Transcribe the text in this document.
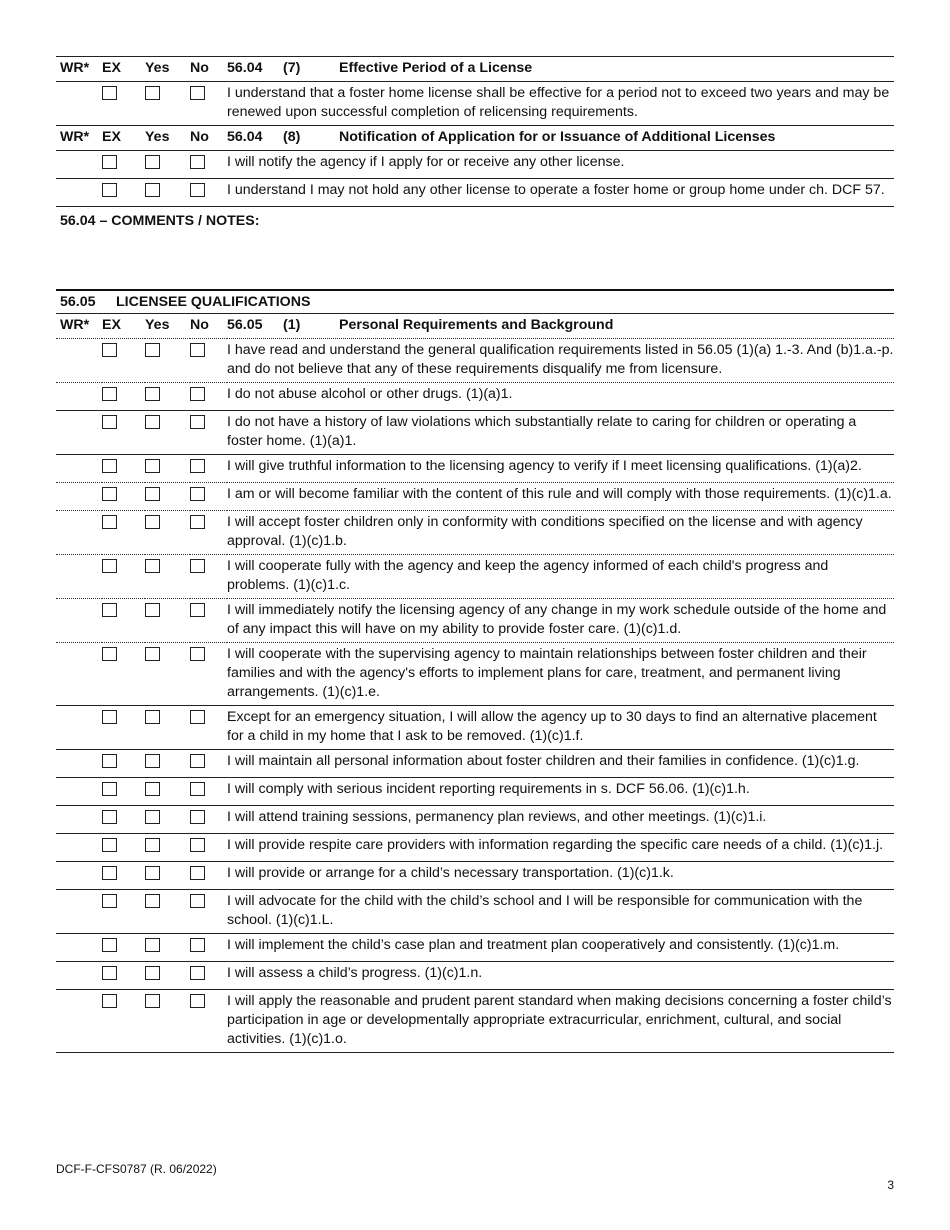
WR*	EX	Yes	No	56.04 (7) Effective Period of a License
				I understand that a foster home license shall be effective for a period not to exceed two years and may be renewed upon successful completion of relicensing requirements.
WR*	EX	Yes	No	56.04 (8) Notification of Application for or Issuance of Additional Licenses
				I will notify the agency if I apply for or receive any other license.
				I understand I may not hold any other license to operate a foster home or group home under ch. DCF 57.
56.04 – COMMENTS / NOTES:
56.05 LICENSEE QUALIFICATIONS
WR*	EX	Yes	No	56.05 (1) Personal Requirements and Background
				I have read and understand the general qualification requirements listed in 56.05 (1)(a) 1.-3. And (b)1.a.-p. and do not believe that any of these requirements disqualify me from licensure.
				I do not abuse alcohol or other drugs. (1)(a)1.
				I do not have a history of law violations which substantially relate to caring for children or operating a foster home. (1)(a)1.
				I will give truthful information to the licensing agency to verify if I meet licensing qualifications. (1)(a)2.
				I am or will become familiar with the content of this rule and will comply with those requirements. (1)(c)1.a.
				I will accept foster children only in conformity with conditions specified on the license and with agency approval. (1)(c)1.b.
				I will cooperate fully with the agency and keep the agency informed of each child's progress and problems. (1)(c)1.c.
				I will immediately notify the licensing agency of any change in my work schedule outside of the home and of any impact this will have on my ability to provide foster care. (1)(c)1.d.
				I will cooperate with the supervising agency to maintain relationships between foster children and their families and with the agency's efforts to implement plans for care, treatment, and permanent living arrangements. (1)(c)1.e.
				Except for an emergency situation, I will allow the agency up to 30 days to find an alternative placement for a child in my home that I ask to be removed. (1)(c)1.f.
				I will maintain all personal information about foster children and their families in confidence. (1)(c)1.g.
				I will comply with serious incident reporting requirements in s. DCF 56.06. (1)(c)1.h.
				I will attend training sessions, permanency plan reviews, and other meetings. (1)(c)1.i.
				I will provide respite care providers with information regarding the specific care needs of a child. (1)(c)1.j.
				I will provide or arrange for a child’s necessary transportation. (1)(c)1.k.
				I will advocate for the child with the child’s school and I will be responsible for communication with the school. (1)(c)1.L.
				I will implement the child’s case plan and treatment plan cooperatively and consistently. (1)(c)1.m.
				I will assess a child’s progress. (1)(c)1.n.
				I will apply the reasonable and prudent parent standard when making decisions concerning a foster child’s participation in age or developmentally appropriate extracurricular, enrichment, cultural, and social activities. (1)(c)1.o.
DCF-F-CFS0787 (R. 06/2022)
3
